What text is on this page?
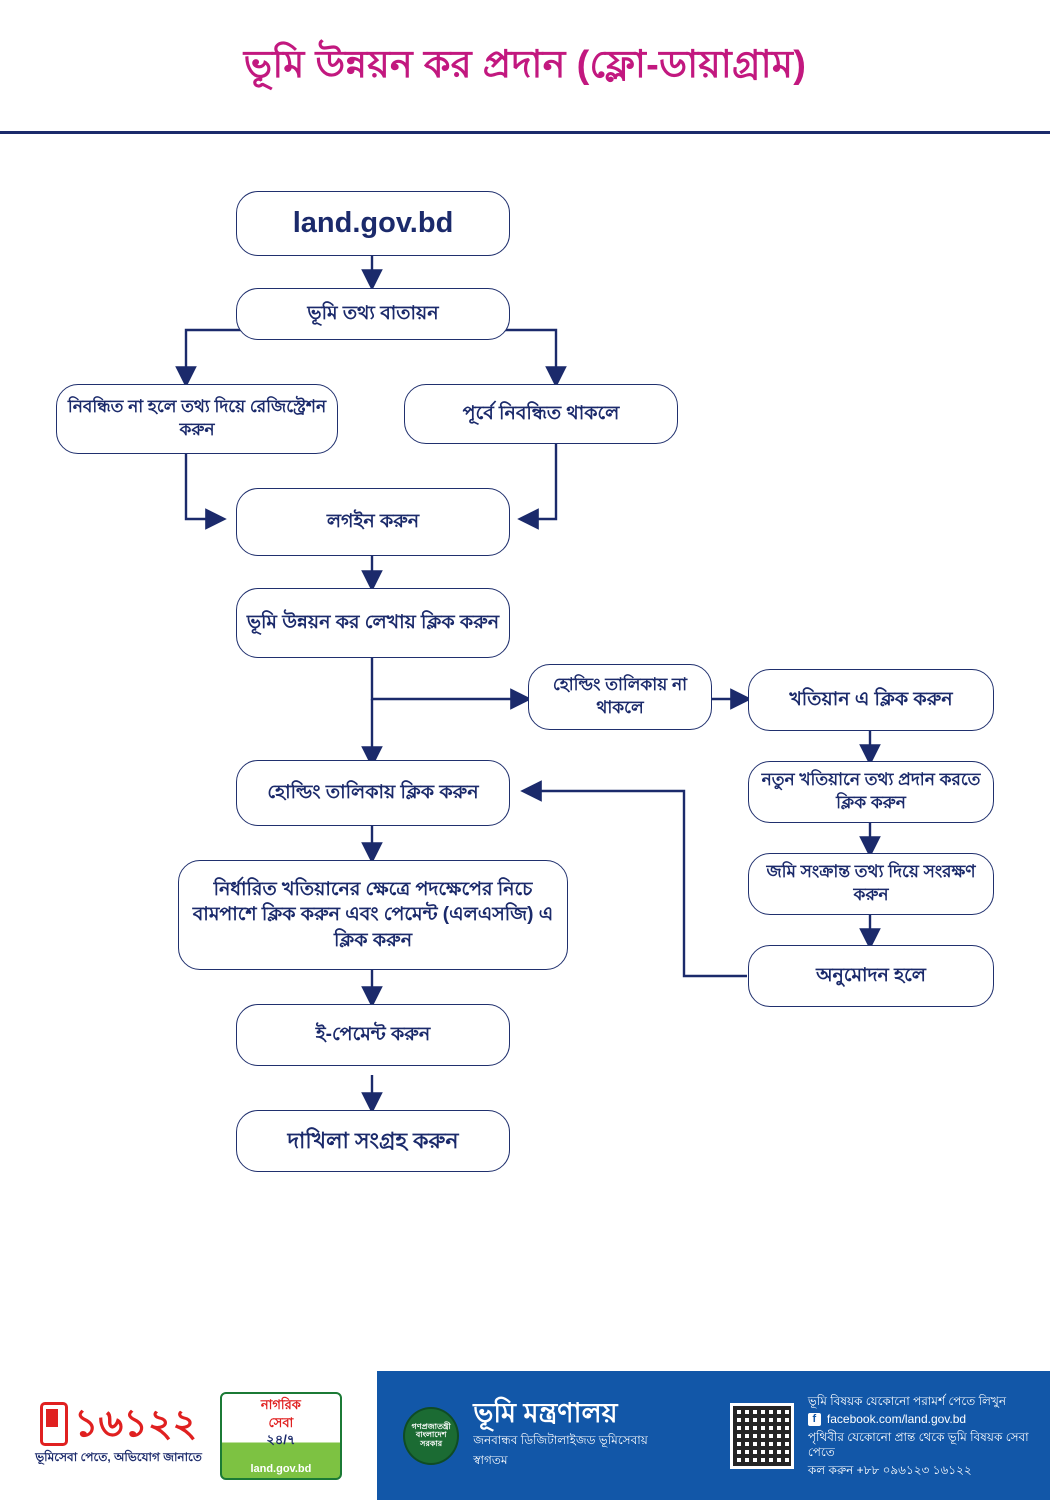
ভূমি উন্নয়ন কর প্রদান (ফ্লো-ডায়াগ্রাম)
land.gov.bd
ভূমি তথ্য বাতায়ন
নিবন্ধিত না হলে তথ্য দিয়ে রেজিস্ট্রেশন করুন
পূর্বে নিবন্ধিত থাকলে
লগইন করুন
ভূমি উন্নয়ন কর লেখায় ক্লিক করুন
হোল্ডিং তালিকায় না থাকলে	খতিয়ান এ ক্লিক করুন
নতুন খতিয়ানে তথ্য প্রদান করতে ক্লিক করুন
জমি সংক্রান্ত তথ্য দিয়ে সংরক্ষণ করুন
অনুমোদন হলে
হোল্ডিং তালিকায় ক্লিক করুন
নির্ধারিত খতিয়ানের ক্ষেত্রে পদক্ষেপের নিচে বামপাশে ক্লিক করুন এবং পেমেন্ট (এলএসজি) এ ক্লিক করুন
ই-পেমেন্ট করুন
দাখিলা সংগ্রহ করুন
১৬১২২
ভূমিসেবা পেতে, অভিযোগ জানাতে
নাগরিক
সেবা
২৪/৭
land.gov.bd
গণপ্রজাতন্ত্রী বাংলাদেশ সরকার
ভূমি মন্ত্রণালয়
জনবান্ধব ডিজিটালাইজড ভূমিসেবায় স্বাগতম
ভূমি বিষয়ক যেকোনো পরামর্শ পেতে লিখুন
f facebook.com/land.gov.bd
পৃথিবীর যেকোনো প্রান্ত থেকে ভূমি বিষয়ক সেবা পেতে
কল করুন +৮৮ ০৯৬১২৩ ১৬১২২
